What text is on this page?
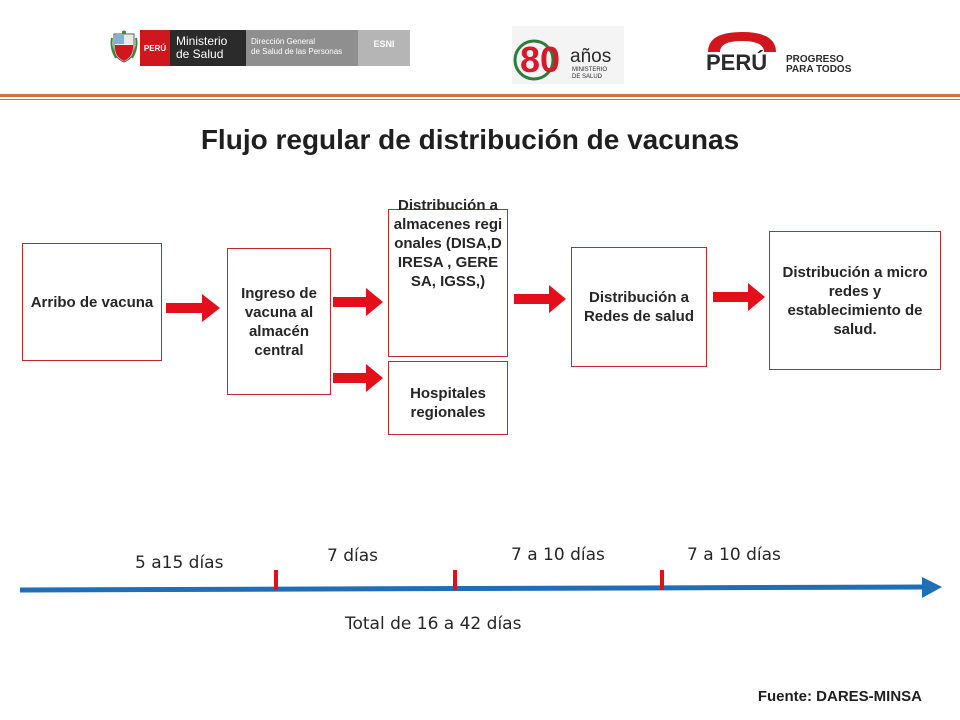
PERÚ Ministerio
de Salud
Dirección General
de Salud de las Personas
ESNI	80 años
MINISTERIO
DE SALUD
PERÚ PROGRESO
PARA TODOS
Flujo regular de distribución de vacunas
Arribo de vacuna
Ingreso de vacuna al almacén central
Distribución a almacenes regionales (DISA,DIRESA , GERESA, IGSS,)
Hospitales regionales
Distribución a Redes de salud
Distribución a micro redes y establecimiento de salud.
5 a15 días	7 días	7 a 10 días	7 a 10 días
Total de 16 a 42 días
Fuente: DARES-MINSA
